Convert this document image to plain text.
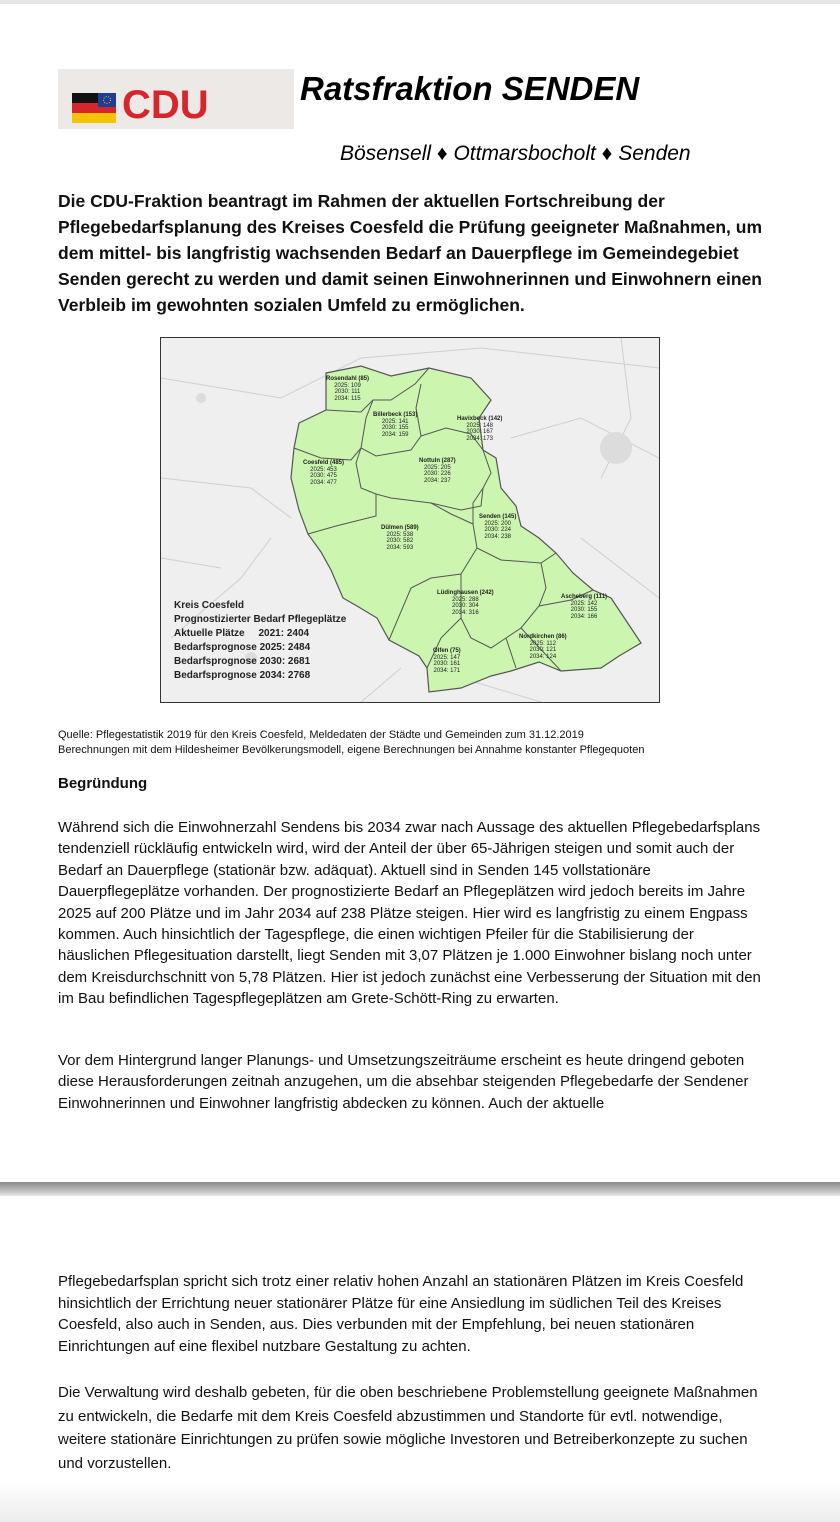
CDU	Ratsfraktion SENDEN
Bösensell ♦ Ottmarsbocholt ♦ Senden

Die CDU-Fraktion beantragt im Rahmen der aktuellen Fortschreibung der Pflegebedarfsplanung des Kreises Coesfeld die Prüfung geeigneter Maßnahmen, um dem mittel- bis langfristig wachsenden Bedarf an Dauerpflege im Gemeindegebiet Senden gerecht zu werden und damit seinen Einwohnerinnen und Einwohnern einen Verbleib im gewohnten sozialen Umfeld zu ermöglichen.

Rosendahl (85)
2025: 109
2030: 111
2034: 115
Billerbeck (153)
2025: 141
2030: 155
2034: 159
Havixbeck (142)
2025: 148
2030: 167
2034: 173
Coesfeld (485)
2025: 453
2030: 475
2034: 477
Nottuln (287)
2025: 205
2030: 226
2034: 237
Senden (145)
2025: 200
2030: 224
2034: 238
Dülmen (589)
2025: 538
2030: 582
2034: 593
Lüdinghausen (242)
2025: 288
2030: 304
2034: 316
Ascheberg (111)
2025: 142
2030: 155
2034: 166
Nordkirchen (86)
2025: 112
2030: 121
2034: 124
Olfen (75)
2025: 147
2030: 161
2034: 171
Kreis Coesfeld
Prognostizierter Bedarf Pflegeplätze
Aktuelle Plätze     2021: 2404
Bedarfsprognose 2025: 2484
Bedarfsprognose 2030: 2681
Bedarfsprognose 2034: 2768
Quelle: Pflegestatistik 2019 für den Kreis Coesfeld, Meldedaten der Städte und Gemeinden zum 31.12.2019
Berechnungen mit dem Hildesheimer Bevölkerungsmodell, eigene Berechnungen bei Annahme konstanter Pflegequoten
Begründung

Während sich die Einwohnerzahl Sendens bis 2034 zwar nach Aussage des aktuellen Pflegebedarfsplans tendenziell rückläufig entwickeln wird, wird der Anteil der über 65-Jährigen steigen und somit auch der Bedarf an Dauerpflege (stationär bzw. adäquat). Aktuell sind in Senden 145 vollstationäre Dauerpflegeplätze vorhanden. Der prognostizierte Bedarf an Pflegeplätzen wird jedoch bereits im Jahre 2025 auf 200 Plätze und im Jahr 2034 auf 238 Plätze steigen. Hier wird es langfristig zu einem Engpass kommen. Auch hinsichtlich der Tagespflege, die einen wichtigen Pfeiler für die Stabilisierung der häuslichen Pflegesituation darstellt, liegt Senden mit 3,07 Plätzen je 1.000 Einwohner bislang noch unter dem Kreisdurchschnitt von 5,78 Plätzen. Hier ist jedoch zunächst eine Verbesserung der Situation mit den im Bau befindlichen Tagespflegeplätzen am Grete-Schött-Ring zu erwarten.

Vor dem Hintergrund langer Planungs- und Umsetzungszeiträume erscheint es heute dringend geboten diese Herausforderungen zeitnah anzugehen, um die absehbar steigenden Pflegebedarfe der Sendener Einwohnerinnen und Einwohner langfristig abdecken zu können. Auch der aktuelle

Pflegebedarfsplan spricht sich trotz einer relativ hohen Anzahl an stationären Plätzen im Kreis Coesfeld hinsichtlich der Errichtung neuer stationärer Plätze für eine Ansiedlung im südlichen Teil des Kreises Coesfeld, also auch in Senden, aus. Dies verbunden mit der Empfehlung, bei neuen stationären Einrichtungen auf eine flexibel nutzbare Gestaltung zu achten.

Die Verwaltung wird deshalb gebeten, für die oben beschriebene Problemstellung geeignete Maßnahmen zu entwickeln, die Bedarfe mit dem Kreis Coesfeld abzustimmen und Standorte für evtl. notwendige, weitere stationäre Einrichtungen zu prüfen sowie mögliche Investoren und Betreiberkonzepte zu suchen und vorzustellen.
